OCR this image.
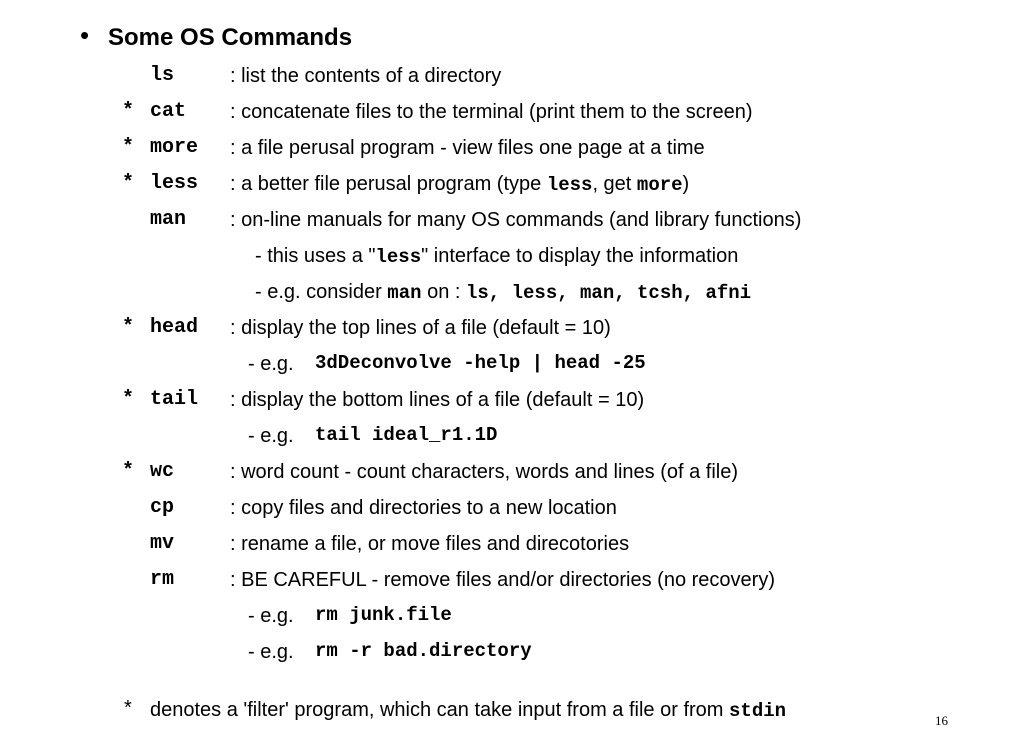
• Some OS Commands
ls	: list the contents of a directory
* cat : concatenate files to the terminal (print them to the screen)
* more : a file perusal program - view files one page at a time
* less : a better file perusal program (type less, get more)
man : on-line manuals for many OS commands (and library functions)
- this uses a "less" interface to display the information
- e.g. consider man on : ls, less, man, tcsh, afni
* head : display the top lines of a file (default = 10)
- e.g. 3dDeconvolve -help | head -25
* tail : display the bottom lines of a file (default = 10)
- e.g. tail ideal_r1.1D
* wc	: word count - count characters, words and lines (of a file)
cp	: copy files and directories to a new location
mv	: rename a file, or move files and direcotories
rm	: BE CAREFUL - remove files and/or directories (no recovery)
- e.g. rm junk.file
- e.g. rm -r bad.directory
* denotes a 'filter' program, which can take input from a file or from stdin	16
